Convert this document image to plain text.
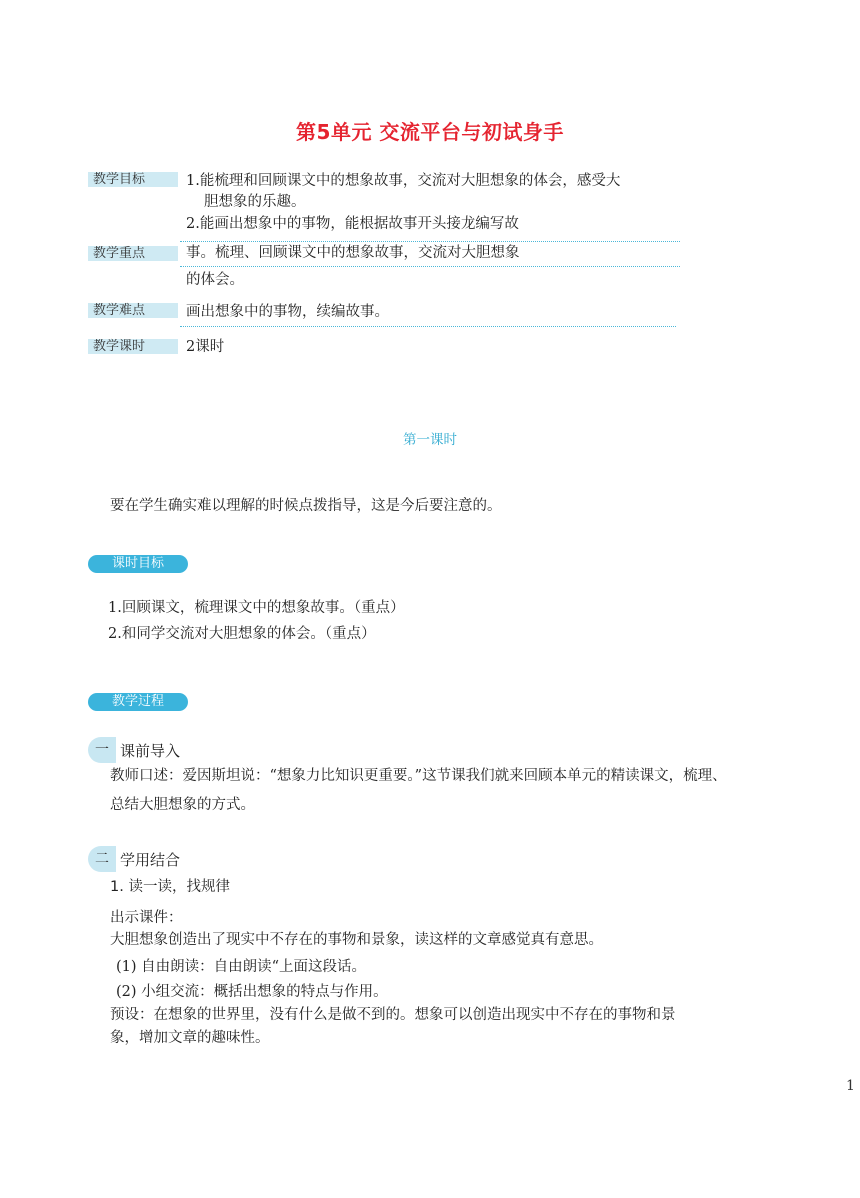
第5单元 交流平台与初试身手
教学目标	1.能梳理和回顾课文中的想象故事，交流对大胆想象的体会，感受大
胆想象的乐趣。
2.能画出想象中的事物，能根据故事开头接龙编写故
教学重点	事。梳理、回顾课文中的想象故事，交流对大胆想象
的体会。
教学难点	画出想象中的事物，续编故事。
教学课时	2课时
第一课时
要在学生确实难以理解的时候点拨指导，这是今后要注意的。
课时目标
1.回顾课文，梳理课文中的想象故事。（重点）
2.和同学交流对大胆想象的体会。（重点）
教学过程
一 课前导入
教师口述：爱因斯坦说：“想象力比知识更重要。”这节课我们就来回顾本单元的精读课文，梳理、
总结大胆想象的方式。
二 学用结合
1. 读一读，找规律
出示课件：
大胆想象创造出了现实中不存在的事物和景象，读这样的文章感觉真有意思。
(1) 自由朗读：自由朗读“上面这段话。
(2) 小组交流：概括出想象的特点与作用。
预设：在想象的世界里，没有什么是做不到的。想象可以创造出现实中不存在的事物和景
象，增加文章的趣味性。
1
